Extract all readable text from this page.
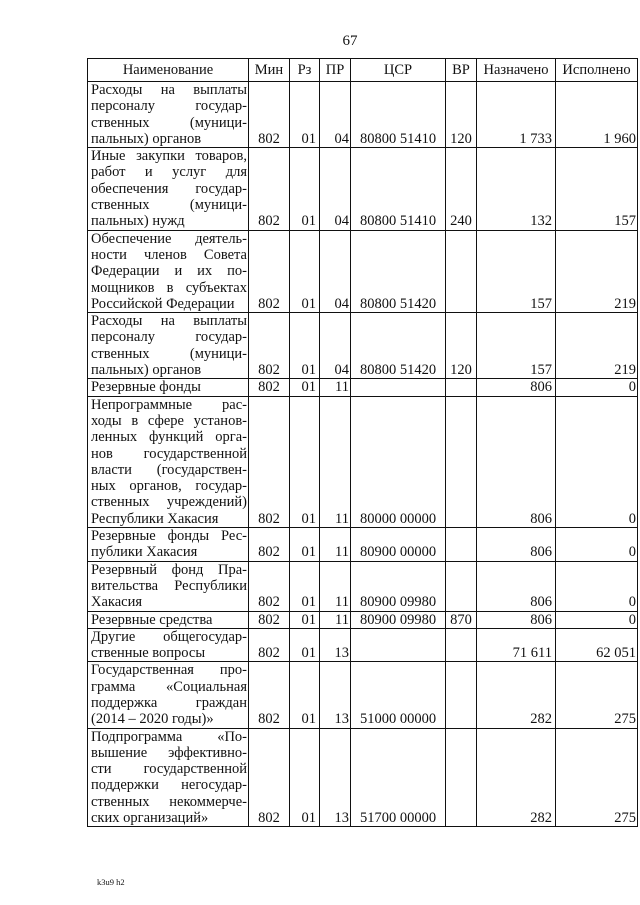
67
Наименование	Мин	Рз	ПР	ЦСР	ВР	Назначено	Исполнено
Расходы на выплаты персоналу государ- ственных (муници- пальных) органов	802	01	04	80800 51410	120	1 733	1 960
Иные закупки товаров, работ и услуг для обеспечения государ- ственных (муници- пальных) нужд	802	01	04	80800 51410	240	132	157
Обеспечение деятель- ности членов Совета Федерации и их по- мощников в субъектах Российской Федерации	802	01	04	80800 51420		157	219
Расходы на выплаты персоналу государ- ственных (муници- пальных) органов	802	01	04	80800 51420	120	157	219
Резервные фонды	802	01	11			806	0
Непрограммные рас- ходы в сфере установ- ленных функций орга- нов государственной власти (государствен- ных органов, государ- ственных учреждений) Республики Хакасия	802	01	11	80000 00000		806	0
Резервные фонды Рес- публики Хакасия	802	01	11	80900 00000		806	0
Резервный фонд Пра- вительства Республики Хакасия	802	01	11	80900 09980		806	0
Резервные средства	802	01	11	80900 09980	870	806	0
Другие общегосудар- ственные вопросы	802	01	13			71 611	62 051
Государственная про- грамма «Социальная поддержка граждан (2014 – 2020 годы)»	802	01	13	51000 00000		282	275
Подпрограмма «По- вышение эффективно- сти государственной поддержки негосудар- ственных некоммерче- ских организаций»	802	01	13	51700 00000		282	275
k3u9 h2
